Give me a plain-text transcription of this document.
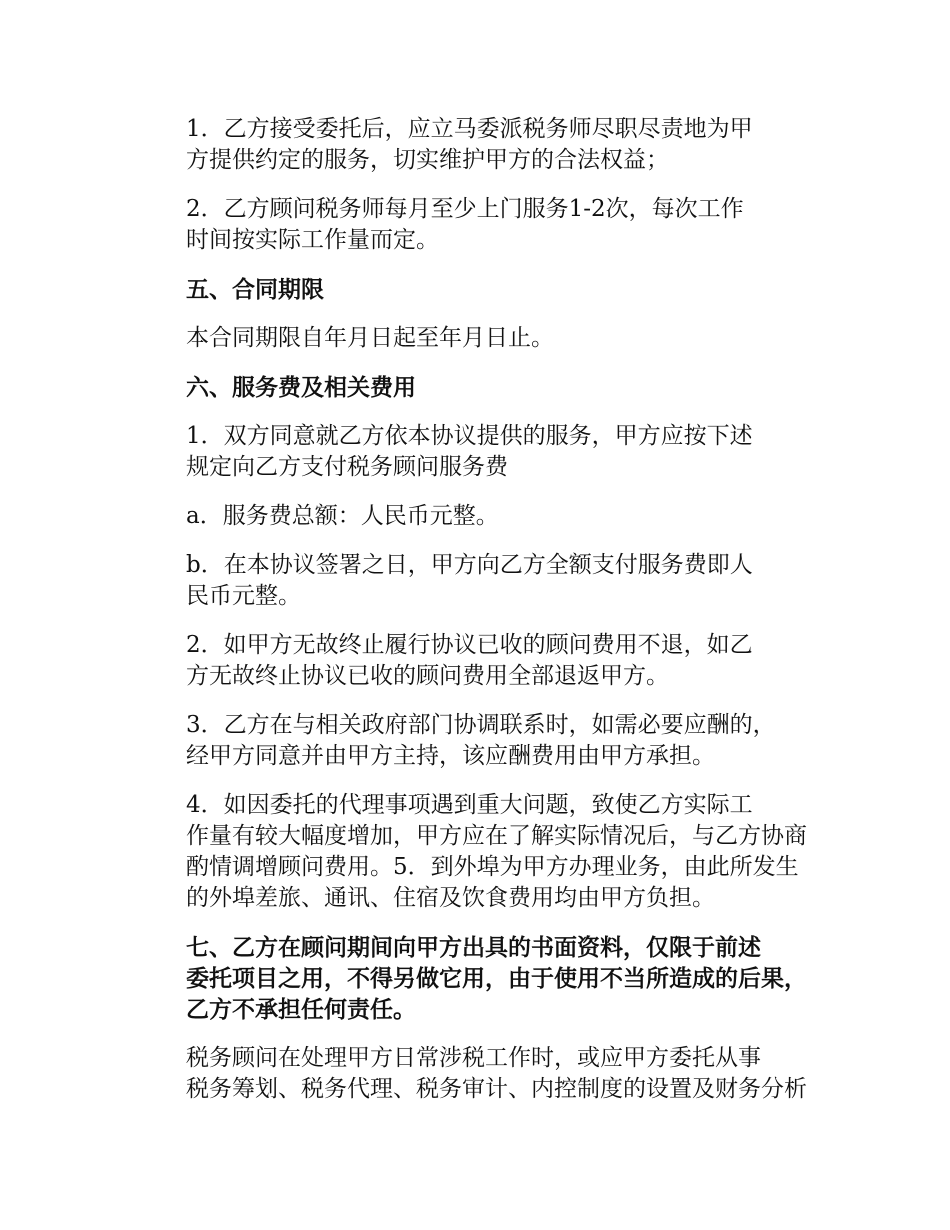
1．乙方接受委托后，应立马委派税务师尽职尽责地为甲
方提供约定的服务，切实维护甲方的合法权益；

2．乙方顾问税务师每月至少上门服务1-2次，每次工作
时间按实际工作量而定。

五、合同期限

本合同期限自年月日起至年月日止。

六、服务费及相关费用

1．双方同意就乙方依本协议提供的服务，甲方应按下述
规定向乙方支付税务顾问服务费

a．服务费总额：人民币元整。

b．在本协议签署之日，甲方向乙方全额支付服务费即人
民币元整。

2．如甲方无故终止履行协议已收的顾问费用不退，如乙
方无故终止协议已收的顾问费用全部退返甲方。

3．乙方在与相关政府部门协调联系时，如需必要应酬的，
经甲方同意并由甲方主持，该应酬费用由甲方承担。

4．如因委托的代理事项遇到重大问题，致使乙方实际工
作量有较大幅度增加，甲方应在了解实际情况后，与乙方协商
酌情调增顾问费用。5．到外埠为甲方办理业务，由此所发生
的外埠差旅、通讯、住宿及饮食费用均由甲方负担。

七、乙方在顾问期间向甲方出具的书面资料，仅限于前述
委托项目之用，不得另做它用，由于使用不当所造成的后果，
乙方不承担任何责任。

税务顾问在处理甲方日常涉税工作时，或应甲方委托从事
税务筹划、税务代理、税务审计、内控制度的设置及财务分析
